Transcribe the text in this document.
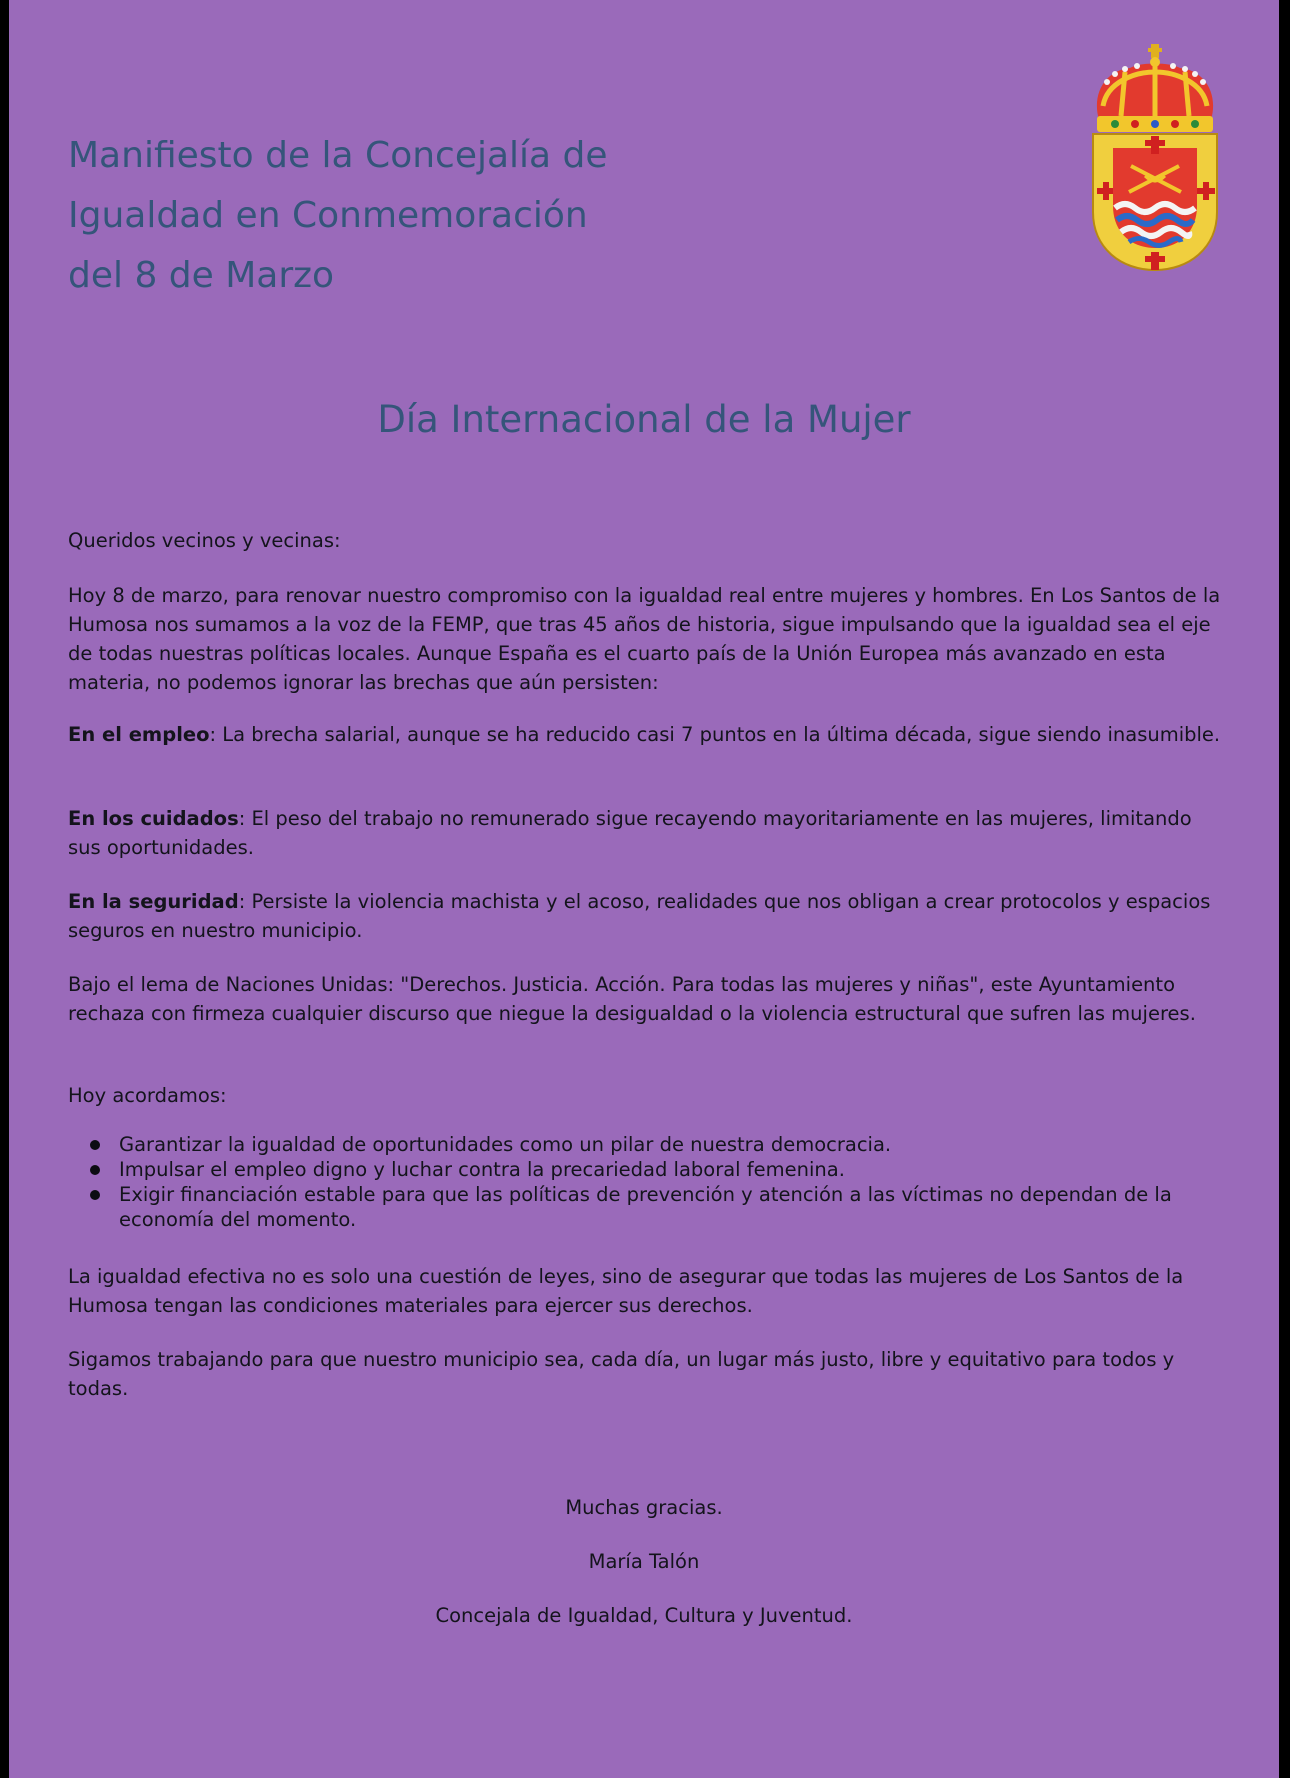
Manifiesto de la Concejalía de
Igualdad en Conmemoración
del 8 de Marzo
Día Internacional de la Mujer

Queridos vecinos y vecinas:

Hoy 8 de marzo, para renovar nuestro compromiso con la igualdad real entre mujeres y hombres. En Los Santos de la Humosa nos sumamos a la voz de la FEMP, que tras 45 años de historia, sigue impulsando que la igualdad sea el eje de todas nuestras políticas locales. Aunque España es el cuarto país de la Unión Europea más avanzado en esta materia, no podemos ignorar las brechas que aún persisten:

En el empleo: La brecha salarial, aunque se ha reducido casi 7 puntos en la última década, sigue siendo inasumible.

En los cuidados: El peso del trabajo no remunerado sigue recayendo mayoritariamente en las mujeres, limitando sus oportunidades.

En la seguridad: Persiste la violencia machista y el acoso, realidades que nos obligan a crear protocolos y espacios seguros en nuestro municipio.

Bajo el lema de Naciones Unidas: "Derechos. Justicia. Acción. Para todas las mujeres y niñas", este Ayuntamiento rechaza con firmeza cualquier discurso que niegue la desigualdad o la violencia estructural que sufren las mujeres.

Hoy acordamos:

Garantizar la igualdad de oportunidades como un pilar de nuestra democracia.
Impulsar el empleo digno y luchar contra la precariedad laboral femenina.
Exigir financiación estable para que las políticas de prevención y atención a las víctimas no dependan de la economía del momento.

La igualdad efectiva no es solo una cuestión de leyes, sino de asegurar que todas las mujeres de Los Santos de la Humosa tengan las condiciones materiales para ejercer sus derechos.

Sigamos trabajando para que nuestro municipio sea, cada día, un lugar más justo, libre y equitativo para todos y todas.

Muchas gracias.

María Talón

Concejala de Igualdad, Cultura y Juventud.
